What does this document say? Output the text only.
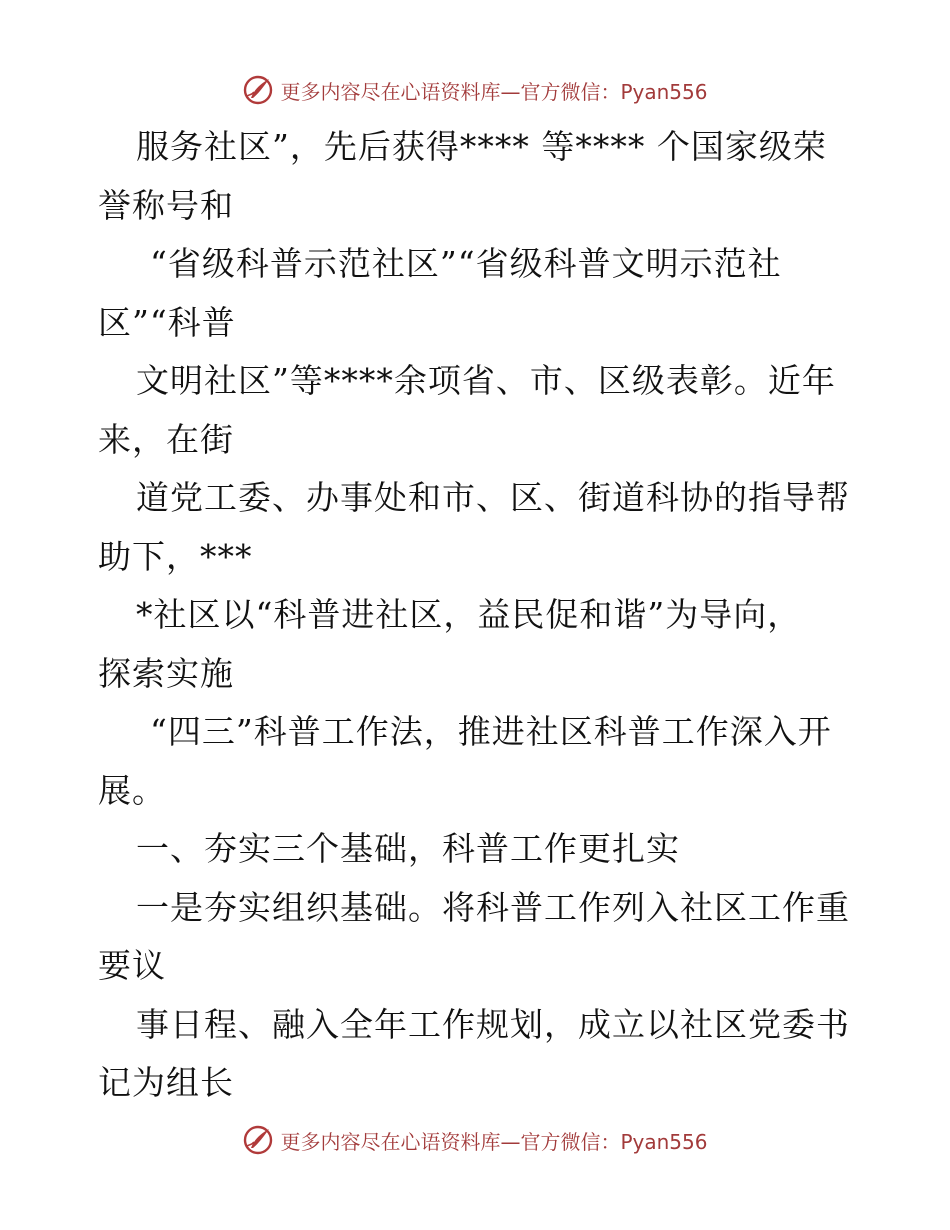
更多内容尽在心语资料库—官方微信：Pyan556
服务社区”，先后获得**** 等**** 个国家级荣
誉称号和
“省级科普示范社区”“省级科普文明示范社
区”“科普
文明社区”等****余项省、市、区级表彰。近年
来，在街
道党工委、办事处和市、区、街道科协的指导帮
助下，***
*社区以“科普进社区，益民促和谐”为导向，
探索实施
“四三”科普工作法，推进社区科普工作深入开
展。
一、夯实三个基础，科普工作更扎实
一是夯实组织基础。将科普工作列入社区工作重
要议
事日程、融入全年工作规划，成立以社区党委书
记为组长
更多内容尽在心语资料库—官方微信：Pyan556
